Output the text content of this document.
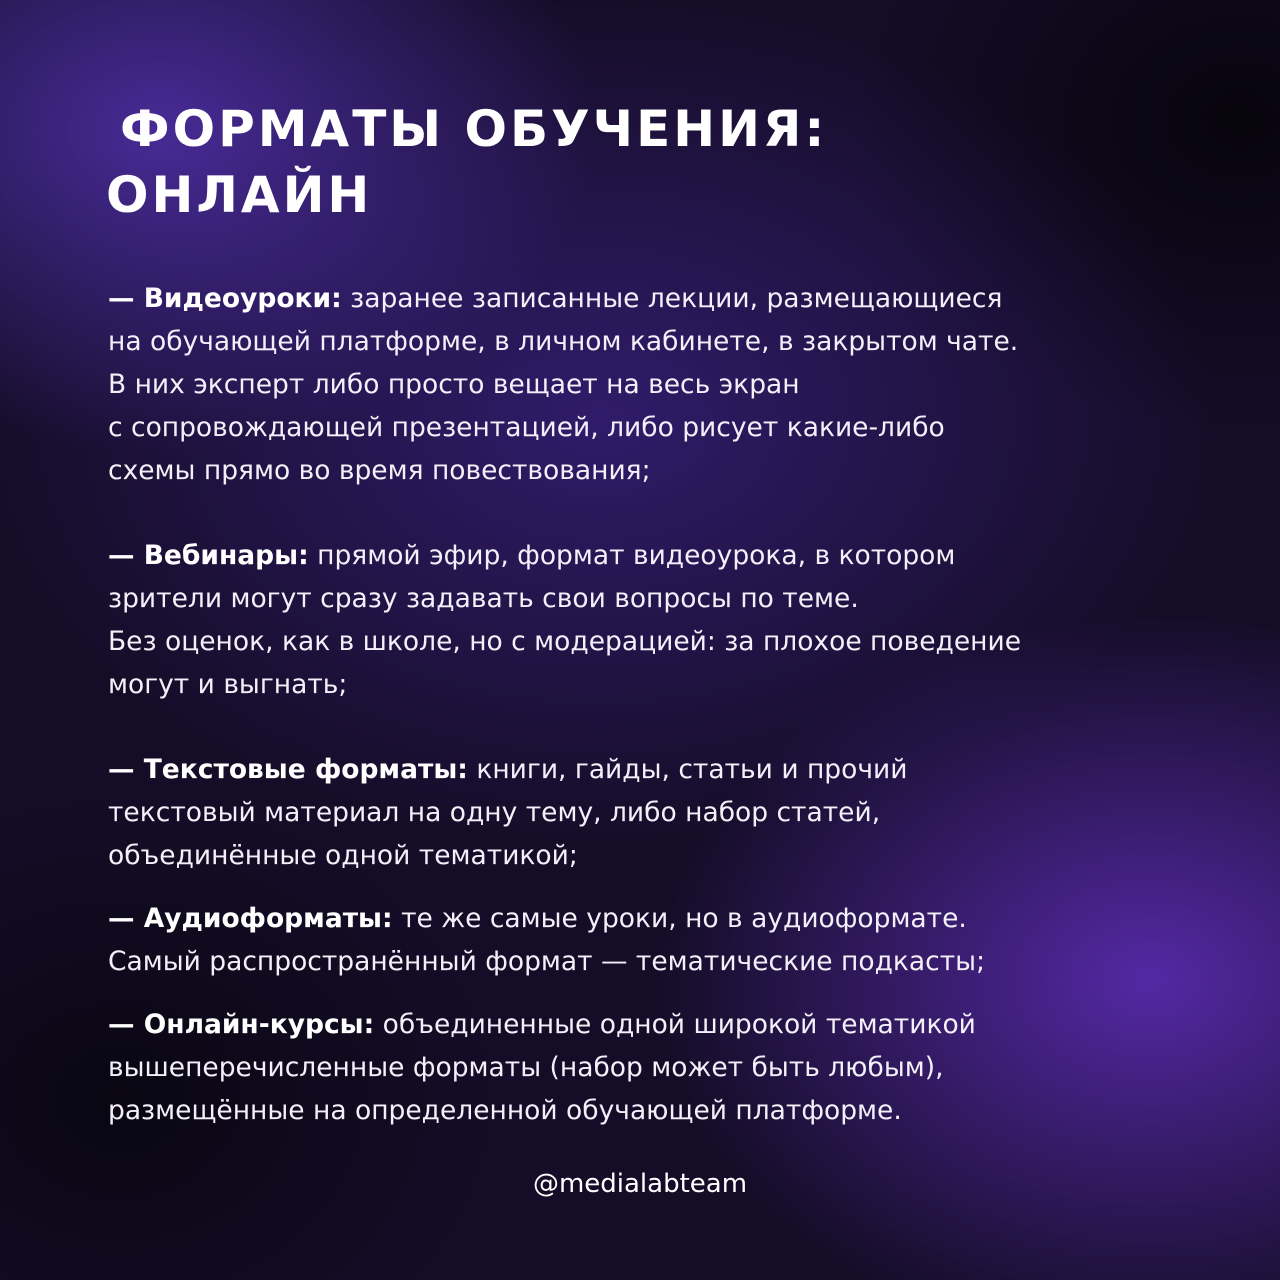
ФОРМАТЫ ОБУЧЕНИЯ:
ОНЛАЙН

— Видеоуроки: заранее записанные лекции, размещающиеся
на обучающей платформе, в личном кабинете, в закрытом чате.
В них эксперт либо просто вещает на весь экран
с сопровождающей презентацией, либо рисует какие-либо
схемы прямо во время повествования;

— Вебинары: прямой эфир, формат видеоурока, в котором
зрители могут сразу задавать свои вопросы по теме.
Без оценок, как в школе, но с модерацией: за плохое поведение
могут и выгнать;

— Текстовые форматы: книги, гайды, статьи и прочий
текстовый материал на одну тему, либо набор статей,
объединённые одной тематикой;

— Аудиоформаты: те же самые уроки, но в аудиоформате.
Самый распространённый формат — тематические подкасты;

— Онлайн-курсы: объединенные одной широкой тематикой
вышеперечисленные форматы (набор может быть любым),
размещённые на определенной обучающей платформе.

@medialabteam
